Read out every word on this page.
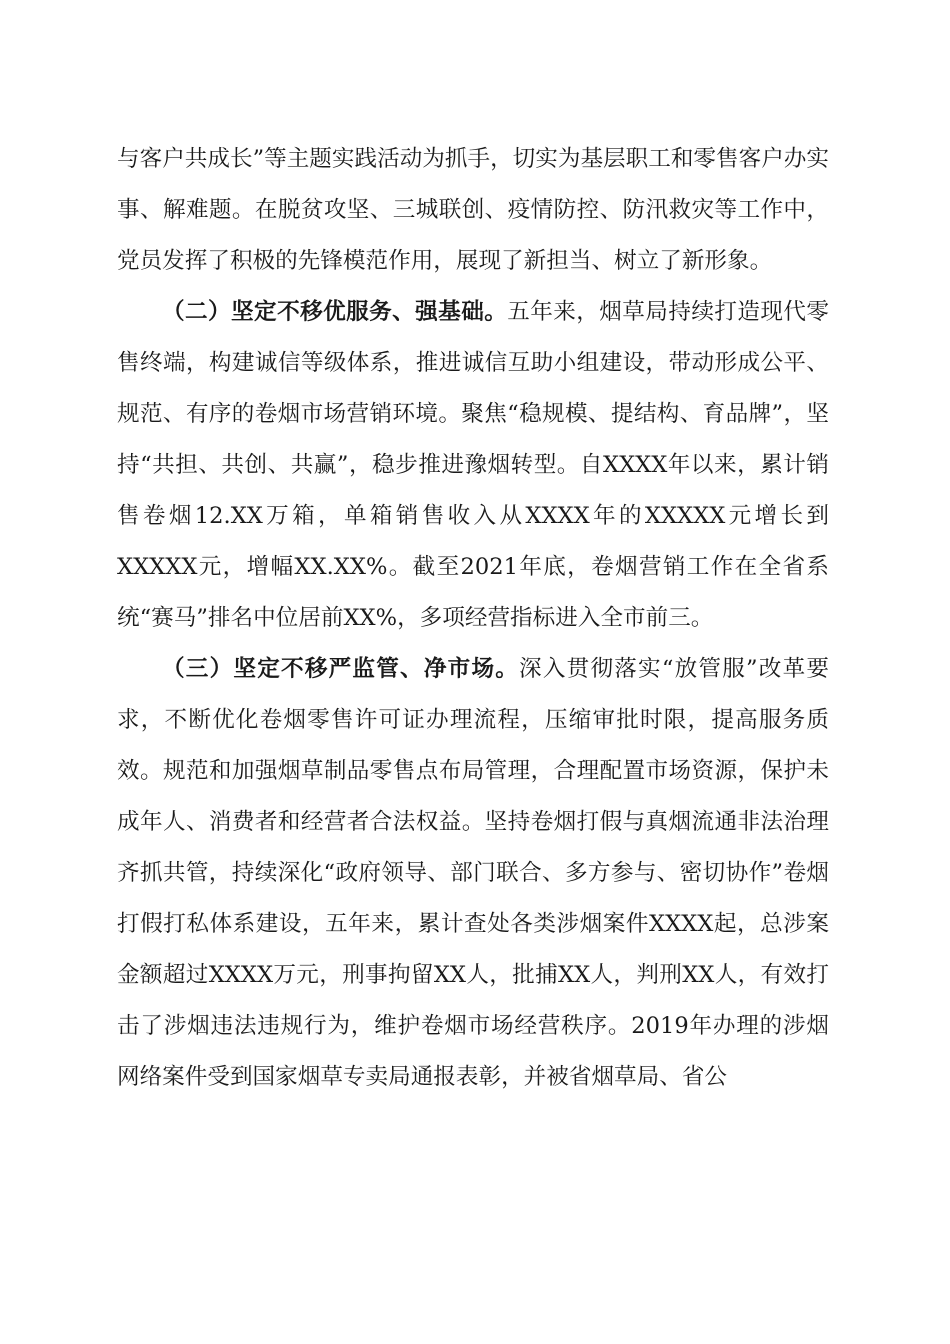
与客户共成长”等主题实践活动为抓手，切实为基层职工和零售客户办实事、解难题。在脱贫攻坚、三城联创、疫情防控、防汛救灾等工作中，党员发挥了积极的先锋模范作用，展现了新担当、树立了新形象。

（二）坚定不移优服务、强基础。五年来，烟草局持续打造现代零售终端，构建诚信等级体系，推进诚信互助小组建设，带动形成公平、规范、有序的卷烟市场营销环境。聚焦“稳规模、提结构、育品牌”，坚持“共担、共创、共赢”，稳步推进豫烟转型。自XXXX年以来，累计销售卷烟12.XX万箱，单箱销售收入从XXXX年的XXXXX元增长到XXXXX元，增幅XX.XX%。截至2021年底，卷烟营销工作在全省系统“赛马”排名中位居前XX%，多项经营指标进入全市前三。

（三）坚定不移严监管、净市场。深入贯彻落实“放管服”改革要求，不断优化卷烟零售许可证办理流程，压缩审批时限，提高服务质效。规范和加强烟草制品零售点布局管理，合理配置市场资源，保护未成年人、消费者和经营者合法权益。坚持卷烟打假与真烟流通非法治理齐抓共管，持续深化“政府领导、部门联合、多方参与、密切协作”卷烟打假打私体系建设，五年来，累计查处各类涉烟案件XXXX起，总涉案金额超过XXXX万元，刑事拘留XX人，批捕XX人，判刑XX人，有效打击了涉烟违法违规行为，维护卷烟市场经营秩序。2019年办理的涉烟网络案件受到国家烟草专卖局通报表彰，并被省烟草局、省公
